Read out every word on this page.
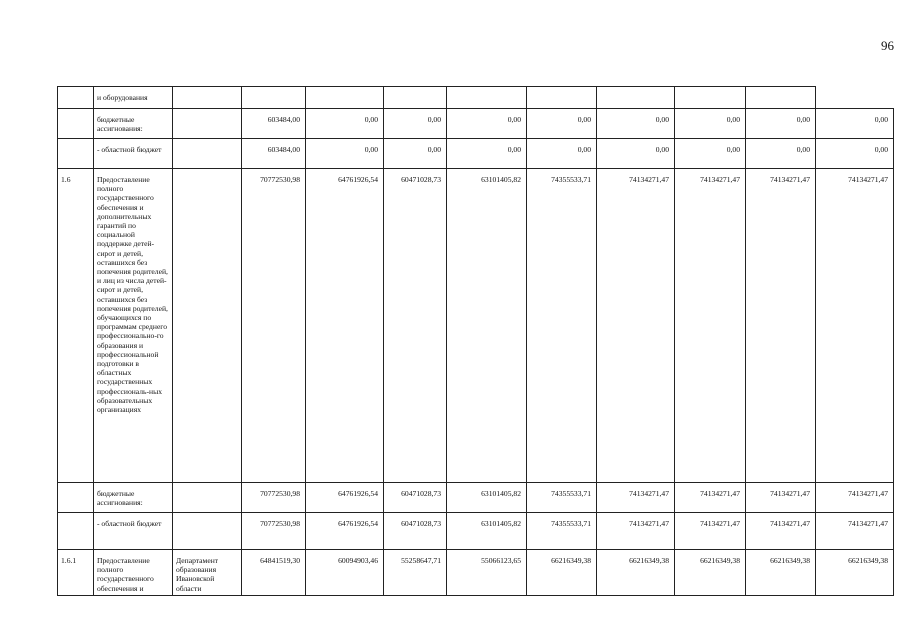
96
	и оборудования										
	бюджетные ассигнования:		603484,00	0,00	0,00	0,00	0,00	0,00	0,00	0,00	0,00
	- областной бюджет		603484,00	0,00	0,00	0,00	0,00	0,00	0,00	0,00	0,00
1.6	Предоставление полного государственного обеспечения и дополнительных гарантий по социальной поддержке детей-сирот и детей, оставшихся без попечения родителей, и лиц из числа детей-сирот и детей, оставшихся без попечения родителей, обучающихся по программам среднего профессионально-го образования и профессиональной подготовки в областных государственных профессиональ-ных образовательных организациях		70772530,98	64761926,54	60471028,73	63101405,82	74355533,71	74134271,47	74134271,47	74134271,47	74134271,47
	бюджетные ассигнования:		70772530,98	64761926,54	60471028,73	63101405,82	74355533,71	74134271,47	74134271,47	74134271,47	74134271,47
	- областной бюджет		70772530,98	64761926,54	60471028,73	63101405,82	74355533,71	74134271,47	74134271,47	74134271,47	74134271,47
1.6.1	Предоставление полного государственного обеспечения и	Департамент образования Ивановской области	64841519,30	60094903,46	55258647,71	55066123,65	66216349,38	66216349,38	66216349,38	66216349,38	66216349,38
